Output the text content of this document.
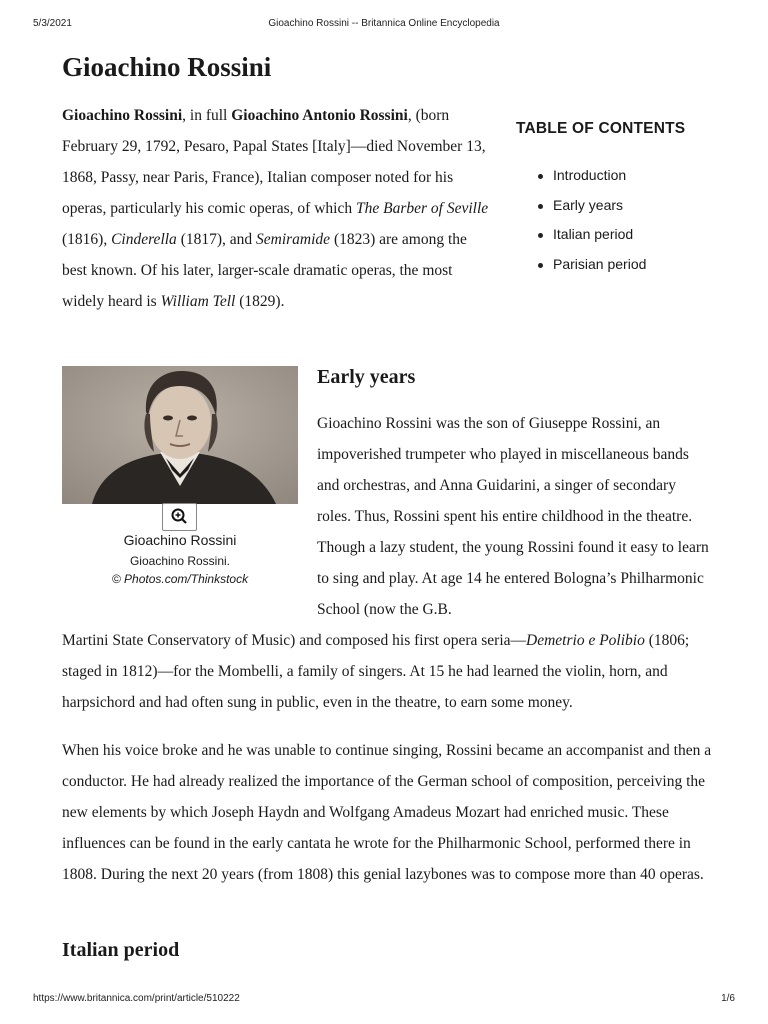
5/3/2021	Gioachino Rossini -- Britannica Online Encyclopedia
Gioachino Rossini

Gioachino Rossini, in full Gioachino Antonio Rossini, (born February 29, 1792, Pesaro, Papal States [Italy]—died November 13, 1868, Passy, near Paris, France), Italian composer noted for his operas, particularly his comic operas, of which The Barber of Seville (1816), Cinderella (1817), and Semiramide (1823) are among the best known. Of his later, larger-scale dramatic operas, the most widely heard is William Tell (1829).

TABLE OF CONTENTS
Introduction
Early years
Italian period
Parisian period
Gioachino Rossini
Gioachino Rossini.
© Photos.com/Thinkstock
Early years

Gioachino Rossini was the son of Giuseppe Rossini, an impoverished trumpeter who played in miscellaneous bands and orchestras, and Anna Guidarini, a singer of secondary roles. Thus, Rossini spent his entire childhood in the theatre. Though a lazy student, the young Rossini found it easy to learn to sing and play. At age 14 he entered Bologna’s Philharmonic School (now the G.B.

Martini State Conservatory of Music) and composed his first opera seria—Demetrio e Polibio (1806; staged in 1812)—for the Mombelli, a family of singers. At 15 he had learned the violin, horn, and harpsichord and had often sung in public, even in the theatre, to earn some money.

When his voice broke and he was unable to continue singing, Rossini became an accompanist and then a conductor. He had already realized the importance of the German school of composition, perceiving the new elements by which Joseph Haydn and Wolfgang Amadeus Mozart had enriched music. These influences can be found in the early cantata he wrote for the Philharmonic School, performed there in 1808. During the next 20 years (from 1808) this genial lazybones was to compose more than 40 operas.

Italian period
https://www.britannica.com/print/article/510222	1/6
